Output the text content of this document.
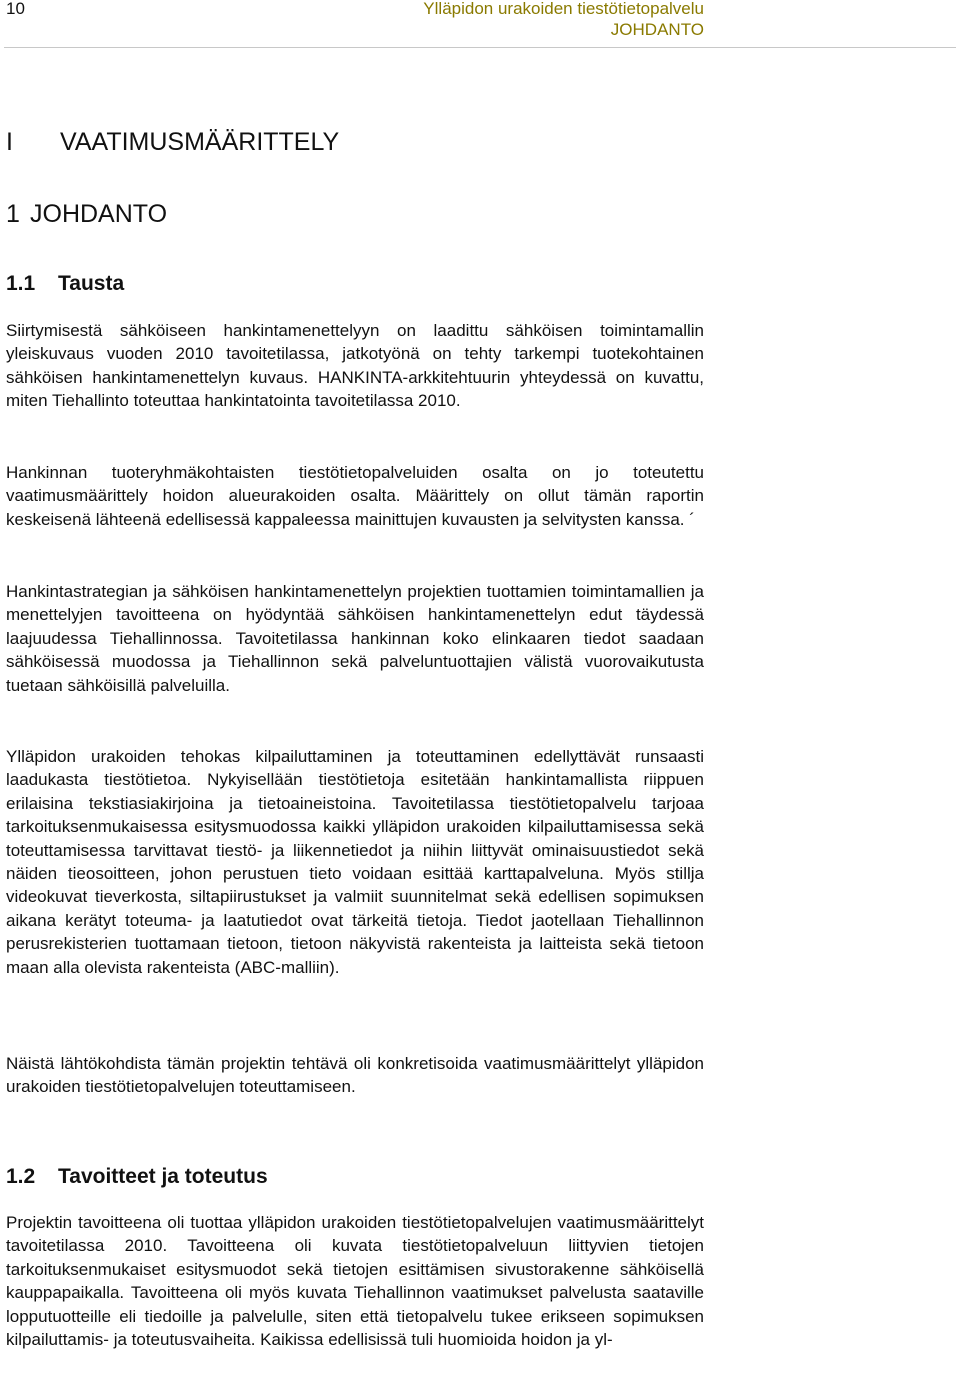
10	Ylläpidon urakoiden tiestötietopalvelu
JOHDANTO
I VAATIMUSMÄÄRITTELY
1 JOHDANTO
1.1 Tausta

Siirtymisestä sähköiseen hankintamenettelyyn on laadittu sähköisen toimintamallin yleiskuvaus vuoden 2010 tavoitetilassa, jatkotyönä on tehty tarkempi tuotekohtainen sähköisen hankintamenettelyn kuvaus. HANKINTA-arkkitehtuurin yhteydessä on kuvattu, miten Tiehallinto toteuttaa hankintatointa tavoitetilassa 2010.

Hankinnan tuoteryhmäkohtaisten tiestötietopalveluiden osalta on jo toteutettu vaatimusmäärittely hoidon alueurakoiden osalta. Määrittely on ollut tämän raportin keskeisenä lähteenä edellisessä kappaleessa mainittujen kuvausten ja selvitysten kanssa. ´

Hankintastrategian ja sähköisen hankintamenettelyn projektien tuottamien toimintamallien ja menettelyjen tavoitteena on hyödyntää sähköisen hankintamenettelyn edut täydessä laajuudessa Tiehallinnossa. Tavoitetilassa hankinnan koko elinkaaren tiedot saadaan sähköisessä muodossa ja Tiehallinnon sekä palveluntuottajien välistä vuorovaikutusta tuetaan sähköisillä palveluilla.

Ylläpidon urakoiden tehokas kilpailuttaminen ja toteuttaminen edellyttävät runsaasti laadukasta tiestötietoa. Nykyisellään tiestötietoja esitetään hankintamallista riippuen erilaisina tekstiasiakirjoina ja tietoaineistoina. Tavoitetilassa tiestötietopalvelu tarjoaa tarkoituksenmukaisessa esitysmuodossa kaikki ylläpidon urakoiden kilpailuttamisessa sekä toteuttamisessa tarvittavat tiestö- ja liikennetiedot ja niihin liittyvät ominaisuustiedot sekä näiden tieosoitteen, johon perustuen tieto voidaan esittää karttapalveluna. Myös stillja videokuvat tieverkosta, siltapiirustukset ja valmiit suunnitelmat sekä edellisen sopimuksen aikana kerätyt toteuma- ja laatutiedot ovat tärkeitä tietoja. Tiedot jaotellaan Tiehallinnon perusrekisterien tuottamaan tietoon, tietoon näkyvistä rakenteista ja laitteista sekä tietoon maan alla olevista rakenteista (ABC-malliin).

Näistä lähtökohdista tämän projektin tehtävä oli konkretisoida vaatimusmäärittelyt ylläpidon urakoiden tiestötietopalvelujen toteuttamiseen.

1.2 Tavoitteet ja toteutus

Projektin tavoitteena oli tuottaa ylläpidon urakoiden tiestötietopalvelujen vaatimusmäärittelyt tavoitetilassa 2010. Tavoitteena oli kuvata tiestötietopalveluun liittyvien tietojen tarkoituksenmukaiset esitysmuodot sekä tietojen esittämisen sivustorakenne sähköisellä kauppapaikalla. Tavoitteena oli myös kuvata Tiehallinnon vaatimukset palvelusta saataville lopputuotteille eli tiedoille ja palvelulle, siten että tietopalvelu tukee erikseen sopimuksen kilpailuttamis- ja toteutusvaiheita. Kaikissa edellisissä tuli huomioida hoidon ja yl-
